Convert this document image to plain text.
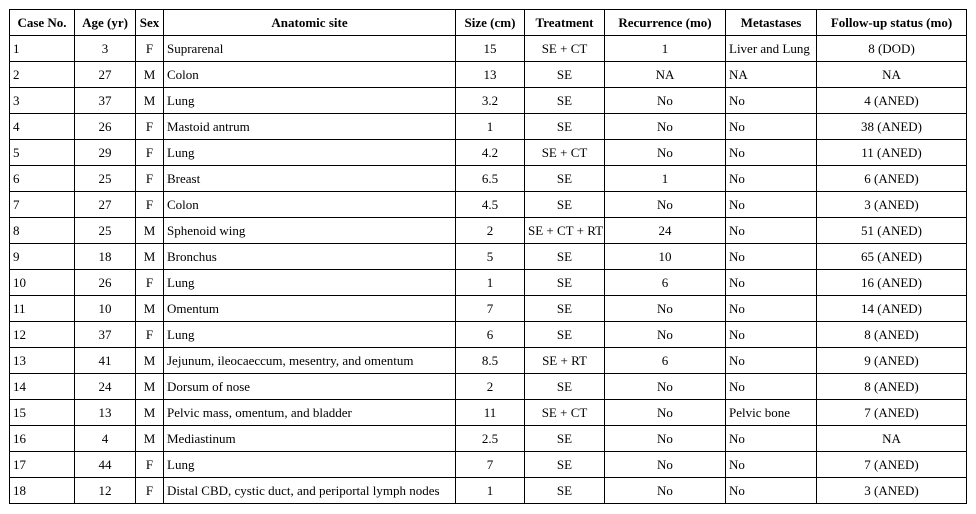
Case No.	Age (yr)	Sex	Anatomic site	Size (cm)	Treatment	Recurrence (mo)	Metastases	Follow-up status (mo)
1	3	F	Suprarenal	15	SE + CT	1	Liver and Lung	8 (DOD)
2	27	M	Colon	13	SE	NA	NA	NA
3	37	M	Lung	3.2	SE	No	No	4 (ANED)
4	26	F	Mastoid antrum	1	SE	No	No	38 (ANED)
5	29	F	Lung	4.2	SE + CT	No	No	11 (ANED)
6	25	F	Breast	6.5	SE	1	No	6 (ANED)
7	27	F	Colon	4.5	SE	No	No	3 (ANED)
8	25	M	Sphenoid wing	2	SE + CT + RT	24	No	51 (ANED)
9	18	M	Bronchus	5	SE	10	No	65 (ANED)
10	26	F	Lung	1	SE	6	No	16 (ANED)
11	10	M	Omentum	7	SE	No	No	14 (ANED)
12	37	F	Lung	6	SE	No	No	8 (ANED)
13	41	M	Jejunum, ileocaeccum, mesentry, and omentum	8.5	SE + RT	6	No	9 (ANED)
14	24	M	Dorsum of nose	2	SE	No	No	8 (ANED)
15	13	M	Pelvic mass, omentum, and bladder	11	SE + CT	No	Pelvic bone	7 (ANED)
16	4	M	Mediastinum	2.5	SE	No	No	NA
17	44	F	Lung	7	SE	No	No	7 (ANED)
18	12	F	Distal CBD, cystic duct, and periportal lymph nodes	1	SE	No	No	3 (ANED)
